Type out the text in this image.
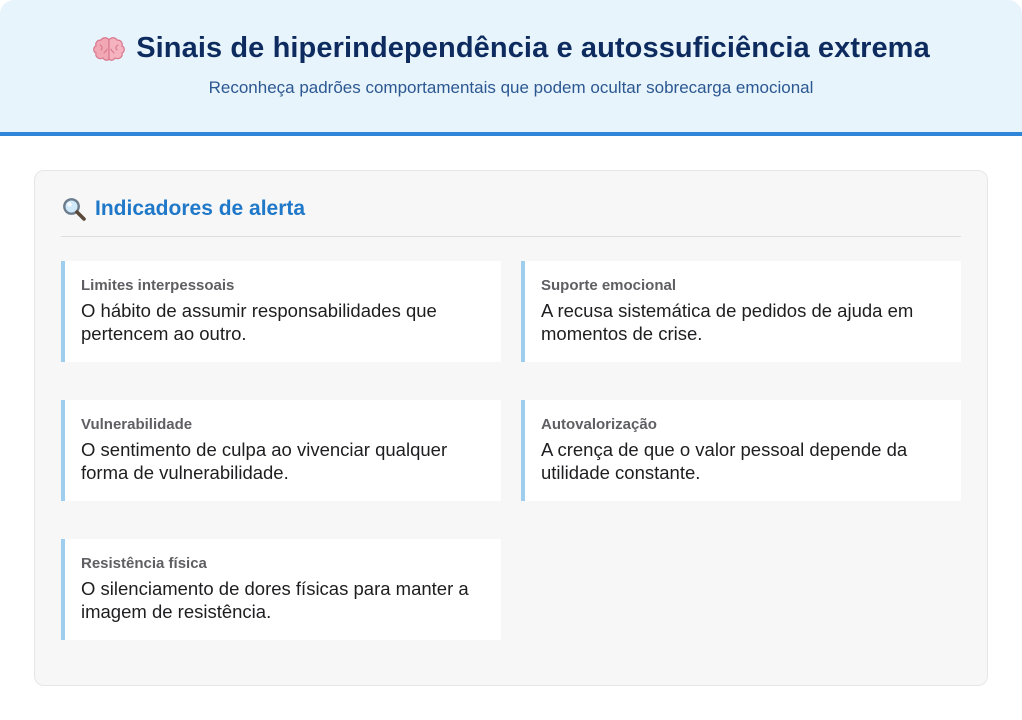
Sinais de hiperindependência e autossuficiência extrema
Reconheça padrões comportamentais que podem ocultar sobrecarga emocional
Indicadores de alerta
Limites interpessoais
O hábito de assumir responsabilidades que pertencem ao outro.
Suporte emocional
A recusa sistemática de pedidos de ajuda em momentos de crise.
Vulnerabilidade
O sentimento de culpa ao vivenciar qualquer forma de vulnerabilidade.
Autovalorização
A crença de que o valor pessoal depende da utilidade constante.
Resistência física
O silenciamento de dores físicas para manter a imagem de resistência.
